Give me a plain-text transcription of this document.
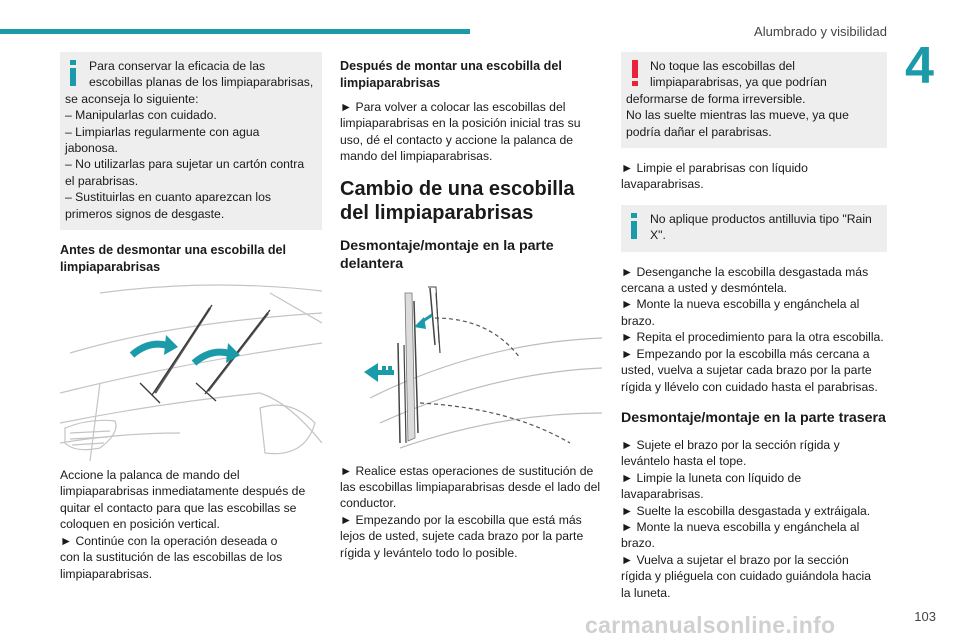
Alumbrado y visibilidad
4

Para conservar la eficacia de las
escobillas planas de los limpiaparabrisas,
se aconseja lo siguiente:
– Manipularlas con cuidado.
– Limpiarlas regularmente con agua
jabonosa.
– No utilizarlas para sujetar un cartón contra
el parabrisas.
– Sustituirlas en cuanto aparezcan los
primeros signos de desgaste.

Antes de desmontar una escobilla del limpiaparabrisas

Accione la palanca de mando del
limpiaparabrisas inmediatamente después de
quitar el contacto para que las escobillas se
coloquen en posición vertical.
► Continúe con la operación deseada o
con la sustitución de las escobillas de los
limpiaparabrisas.

Después de montar una escobilla del limpiaparabrisas

► Para volver a colocar las escobillas del
limpiaparabrisas en la posición inicial tras su
uso, dé el contacto y accione la palanca de
mando del limpiaparabrisas.

Cambio de una escobilla del limpiaparabrisas
Desmontaje/montaje en la parte delantera

► Realice estas operaciones de sustitución de
las escobillas limpiaparabrisas desde el lado del
conductor.
► Empezando por la escobilla que está más
lejos de usted, sujete cada brazo por la parte
rígida y levántelo todo lo posible.

No toque las escobillas del
limpiaparabrisas, ya que podrían
deformarse de forma irreversible.
No las suelte mientras las mueve, ya que
podría dañar el parabrisas.

► Limpie el parabrisas con líquido
lavaparabrisas.

No aplique productos antilluvia tipo "Rain
X".

► Desenganche la escobilla desgastada más
cercana a usted y desmóntela.
► Monte la nueva escobilla y engánchela al
brazo.
► Repita el procedimiento para la otra escobilla.
► Empezando por la escobilla más cercana a
usted, vuelva a sujetar cada brazo por la parte
rígida y llévelo con cuidado hasta el parabrisas.

Desmontaje/montaje en la parte trasera

► Sujete el brazo por la sección rígida y
levántelo hasta el tope.
► Limpie la luneta con líquido de
lavaparabrisas.
► Suelte la escobilla desgastada y extráigala.
► Monte la nueva escobilla y engánchela al
brazo.
► Vuelva a sujetar el brazo por la sección
rígida y pliéguela con cuidado guiándola hacia
la luneta.

carmanualsonline.info	103
